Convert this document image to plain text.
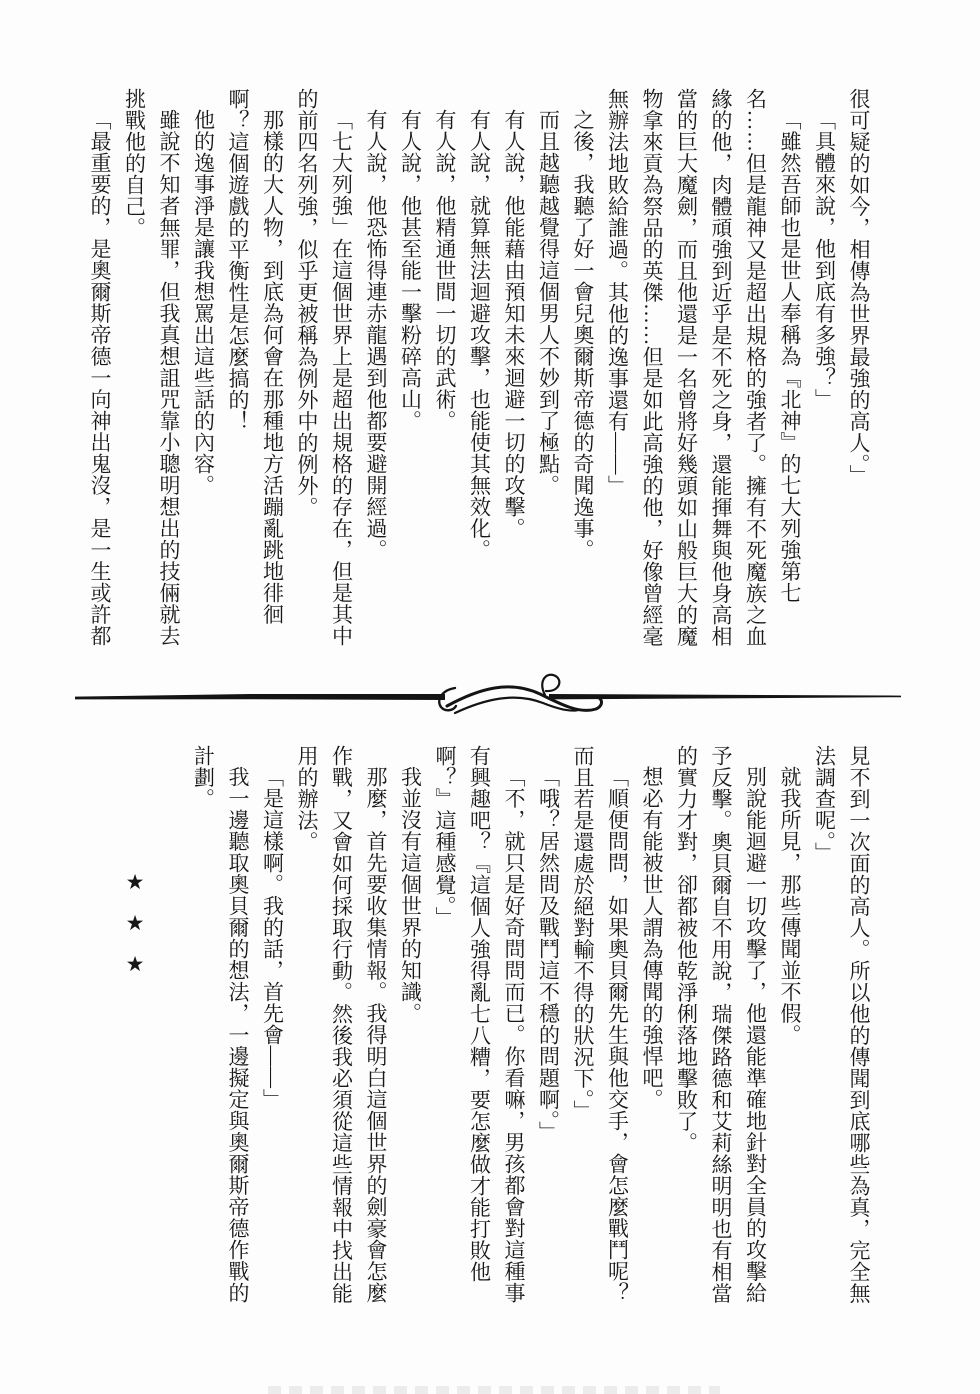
很可疑的如今，相傳為世界最強的高人。」

「具體來說，他到底有多強？」

「雖然吾師也是世人奉稱為『北神』的七大列強第七名……但是龍神又是超出規格的強者了。擁有不死魔族之血緣的他，肉體頑強到近乎是不死之身，還能揮舞與他身高相當的巨大魔劍，而且他還是一名曾將好幾頭如山般巨大的魔物拿來貢為祭品的英傑……但是如此高強的他，好像曾經毫無辦法地敗給誰過。其他的逸事還有——」

之後，我聽了好一會兒奧爾斯帝德的奇聞逸事。

而且越聽越覺得這個男人不妙到了極點。

有人說，他能藉由預知未來迴避一切的攻擊。

有人說，就算無法迴避攻擊，也能使其無效化。

有人說，他精通世間一切的武術。

有人說，他甚至能一擊粉碎高山。

有人說，他恐怖得連赤龍遇到他都要避開經過。

「七大列強」在這個世界上是超出規格的存在，但是其中的前四名列強，似乎更被稱為例外中的例外。

那樣的大人物，到底為何會在那種地方活蹦亂跳地徘徊啊？這個遊戲的平衡性是怎麼搞的！

他的逸事淨是讓我想罵出這些話的內容。

雖說不知者無罪，但我真想詛咒靠小聰明想出的技倆就去挑戰他的自己。

「最重要的，是奧爾斯帝德一向神出鬼沒，是一生或許都

見不到一次面的高人。所以他的傳聞到底哪些為真，完全無法調查呢。」

就我所見，那些傳聞並不假。

別說能迴避一切攻擊了，他還能準確地針對全員的攻擊給予反擊。奧貝爾自不用說，瑞傑路德和艾莉絲明明也有相當的實力才對，卻都被他乾淨俐落地擊敗了。

想必有能被世人謂為傳聞的強悍吧。

「順便問問，如果奧貝爾先生與他交手，會怎麼戰鬥呢？而且若是還處於絕對輸不得的狀況下。」

「哦？居然問及戰鬥這不穩的問題啊。」

「不，就只是好奇問問而已。你看嘛，男孩都會對這種事有興趣吧？『這個人強得亂七八糟，要怎麼做才能打敗他啊？』這種感覺。」

我並沒有這個世界的知識。

那麼，首先要收集情報。我得明白這個世界的劍豪會怎麼作戰，又會如何採取行動。然後我必須從這些情報中找出能用的辦法。

「是這樣啊。我的話，首先會——」

我一邊聽取奧貝爾的想法，一邊擬定與奧爾斯帝德作戰的計劃。

★★★
